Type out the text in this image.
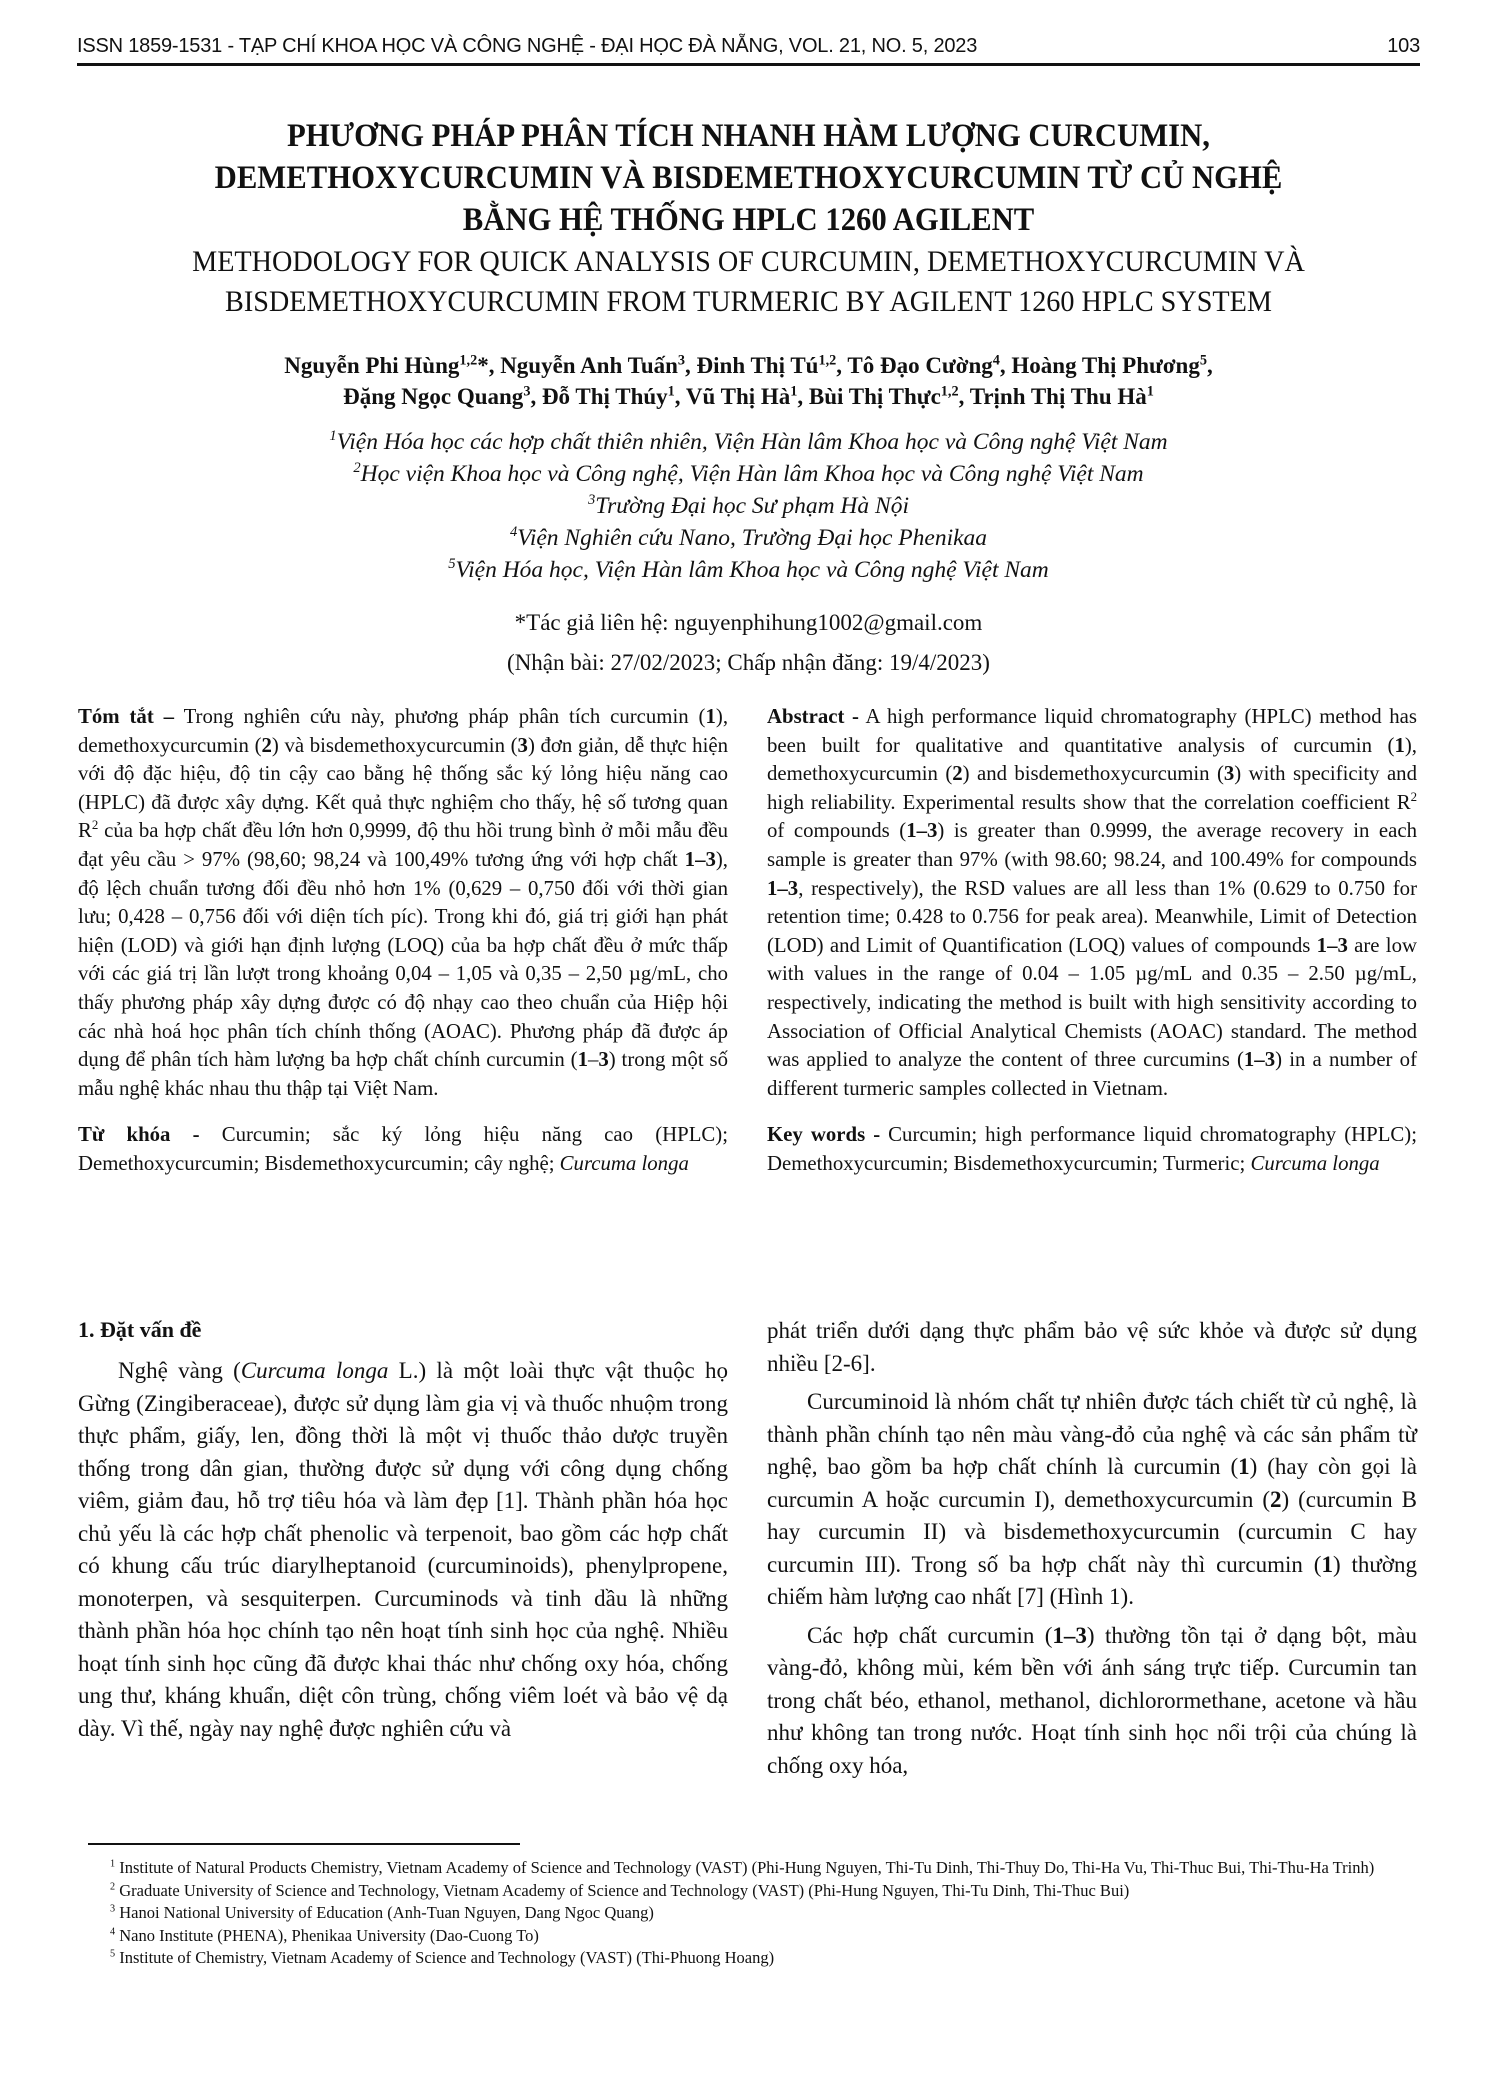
ISSN 1859-1531 - TẠP CHÍ KHOA HỌC VÀ CÔNG NGHỆ - ĐẠI HỌC ĐÀ NẴNG, VOL. 21, NO. 5, 2023	103
PHƯƠNG PHÁP PHÂN TÍCH NHANH HÀM LƯỢNG CURCUMIN,
DEMETHOXYCURCUMIN VÀ BISDEMETHOXYCURCUMIN TỪ CỦ NGHỆ
BẰNG HỆ THỐNG HPLC 1260 AGILENT
METHODOLOGY FOR QUICK ANALYSIS OF CURCUMIN, DEMETHOXYCURCUMIN VÀ
BISDEMETHOXYCURCUMIN FROM TURMERIC BY AGILENT 1260 HPLC SYSTEM
Nguyễn Phi Hùng$^{1,2}$*, Nguyễn Anh Tuấn$^3$, Đinh Thị Tú$^{1,2}$, Tô Đạo Cường$^4$, Hoàng Thị Phương$^5$,
Đặng Ngọc Quang$^3$, Đỗ Thị Thúy$^1$, Vũ Thị $Hà^1$, Bùi Thị Thực$^{1,2}$, Trịnh Thị Thu $Hà^1$
$^1$Viện Hóa học các hợp chất thiên nhiên, Viện Hàn lâm Khoa học và Công nghệ Việt Nam
$^2$Học viện Khoa học và Công nghệ, Viện Hàn lâm Khoa học và Công nghệ Việt Nam
$^3$Trường Đại học Sư phạm Hà Nội
$^4$Viện Nghiên cứu Nano, Trường Đại học Phenikaa
$^5$Viện Hóa học, Viện Hàn lâm Khoa học và Công nghệ Việt Nam
*Tác giả liên hệ: nguyenphihung1002@gmail.com
(Nhận bài: 27/02/2023; Chấp nhận đăng: 19/4/2023)
Tóm tắt – Trong nghiên cứu này, phương pháp phân tích curcumin (1), demethoxycurcumin (2) và bisdemethoxycurcumin (3) đơn giản, dễ thực hiện với độ đặc hiệu, độ tin cậy cao bằng hệ thống sắc ký lỏng hiệu năng cao (HPLC) đã được xây dựng. Kết quả thực nghiệm cho thấy, hệ số tương quan $R^2$ của ba hợp chất đều lớn hơn 0,9999, độ thu hồi trung bình ở mỗi mẫu đều đạt yêu cầu > 97% (98,60; 98,24 và 100,49% tương ứng với hợp chất 1–3), độ lệch chuẩn tương đối đều nhỏ hơn 1% (0,629 – 0,750 đối với thời gian lưu; 0,428 – 0,756 đối với diện tích píc). Trong khi đó, giá trị giới hạn phát hiện (LOD) và giới hạn định lượng (LOQ) của ba hợp chất đều ở mức thấp với các giá trị lần lượt trong khoảng 0,04 – 1,05 và 0,35 – 2,50 µg/mL, cho thấy phương pháp xây dựng được có độ nhạy cao theo chuẩn của Hiệp hội các nhà hoá học phân tích chính thống (AOAC). Phương pháp đã được áp dụng để phân tích hàm lượng ba hợp chất chính curcumin (1–3) trong một số mẫu nghệ khác nhau thu thập tại Việt Nam.
Từ khóa - Curcumin; sắc ký lỏng hiệu năng cao (HPLC); Demethoxycurcumin; Bisdemethoxycurcumin; cây nghệ; Curcuma longa
Abstract - A high performance liquid chromatography (HPLC) method has been built for qualitative and quantitative analysis of curcumin (1), demethoxycurcumin (2) and bisdemethoxycurcumin (3) with specificity and high reliability. Experimental results show that the correlation coefficient $R^2$ of compounds (1–3) is greater than 0.9999, the average recovery in each sample is greater than 97% (with 98.60; 98.24, and 100.49% for compounds 1–3, respectively), the RSD values are all less than 1% (0.629 to 0.750 for retention time; 0.428 to 0.756 for peak area). Meanwhile, Limit of Detection (LOD) and Limit of Quantification (LOQ) values of compounds 1–3 are low with values in the range of 0.04 – 1.05 µg/mL and 0.35 – 2.50 µg/mL, respectively, indicating the method is built with high sensitivity according to Association of Official Analytical Chemists (AOAC) standard. The method was applied to analyze the content of three curcumins (1–3) in a number of different turmeric samples collected in Vietnam.
Key words - Curcumin; high performance liquid chromatography (HPLC); Demethoxycurcumin; Bisdemethoxycurcumin; Turmeric; Curcuma longa
1. Đặt vấn đề
Nghệ vàng (Curcuma longa L.) là một loài thực vật thuộc họ Gừng (Zingiberaceae), được sử dụng làm gia vị và thuốc nhuộm trong thực phẩm, giấy, len, đồng thời là một vị thuốc thảo dược truyền thống trong dân gian, thường được sử dụng với công dụng chống viêm, giảm đau, hỗ trợ tiêu hóa và làm đẹp [1]. Thành phần hóa học chủ yếu là các hợp chất phenolic và terpenoit, bao gồm các hợp chất có khung cấu trúc diarylheptanoid (curcuminoids), phenylpropene, monoterpen, và sesquiterpen. Curcuminods và tinh dầu là những thành phần hóa học chính tạo nên hoạt tính sinh học của nghệ. Nhiều hoạt tính sinh học cũng đã được khai thác như chống oxy hóa, chống ung thư, kháng khuẩn, diệt côn trùng, chống viêm loét và bảo vệ dạ dày. Vì thế, ngày nay nghệ được nghiên cứu và
phát triển dưới dạng thực phẩm bảo vệ sức khỏe và được sử dụng nhiều [2-6].
Curcuminoid là nhóm chất tự nhiên được tách chiết từ củ nghệ, là thành phần chính tạo nên màu vàng-đỏ của nghệ và các sản phẩm từ nghệ, bao gồm ba hợp chất chính là curcumin (1) (hay còn gọi là curcumin A hoặc curcumin I), demethoxycurcumin (2) (curcumin B hay curcumin II) và bisdemethoxycurcumin (curcumin C hay curcumin III). Trong số ba hợp chất này thì curcumin (1) thường chiếm hàm lượng cao nhất [7] (Hình 1).
Các hợp chất curcumin (1–3) thường tồn tại ở dạng bột, màu vàng-đỏ, không mùi, kém bền với ánh sáng trực tiếp. Curcumin tan trong chất béo, ethanol, methanol, dichlorormethane, acetone và hầu như không tan trong nước. Hoạt tính sinh học nổi trội của chúng là chống oxy hóa,
$^1$ Institute of Natural Products Chemistry, Vietnam Academy of Science and Technology (VAST) (Phi-Hung Nguyen, Thi-Tu Dinh, Thi-Thuy Do, Thi-Ha Vu, Thi-Thuc Bui, Thi-Thu-Ha Trinh)
$^2$ Graduate University of Science and Technology, Vietnam Academy of Science and Technology (VAST) (Phi-Hung Nguyen, Thi-Tu Dinh, Thi-Thuc Bui)
$^3$ Hanoi National University of Education (Anh-Tuan Nguyen, Dang Ngoc Quang)
$^4$ Nano Institute (PHENA), Phenikaa University (Dao-Cuong To)
$^5$ Institute of Chemistry, Vietnam Academy of Science and Technology (VAST) (Thi-Phuong Hoang)
